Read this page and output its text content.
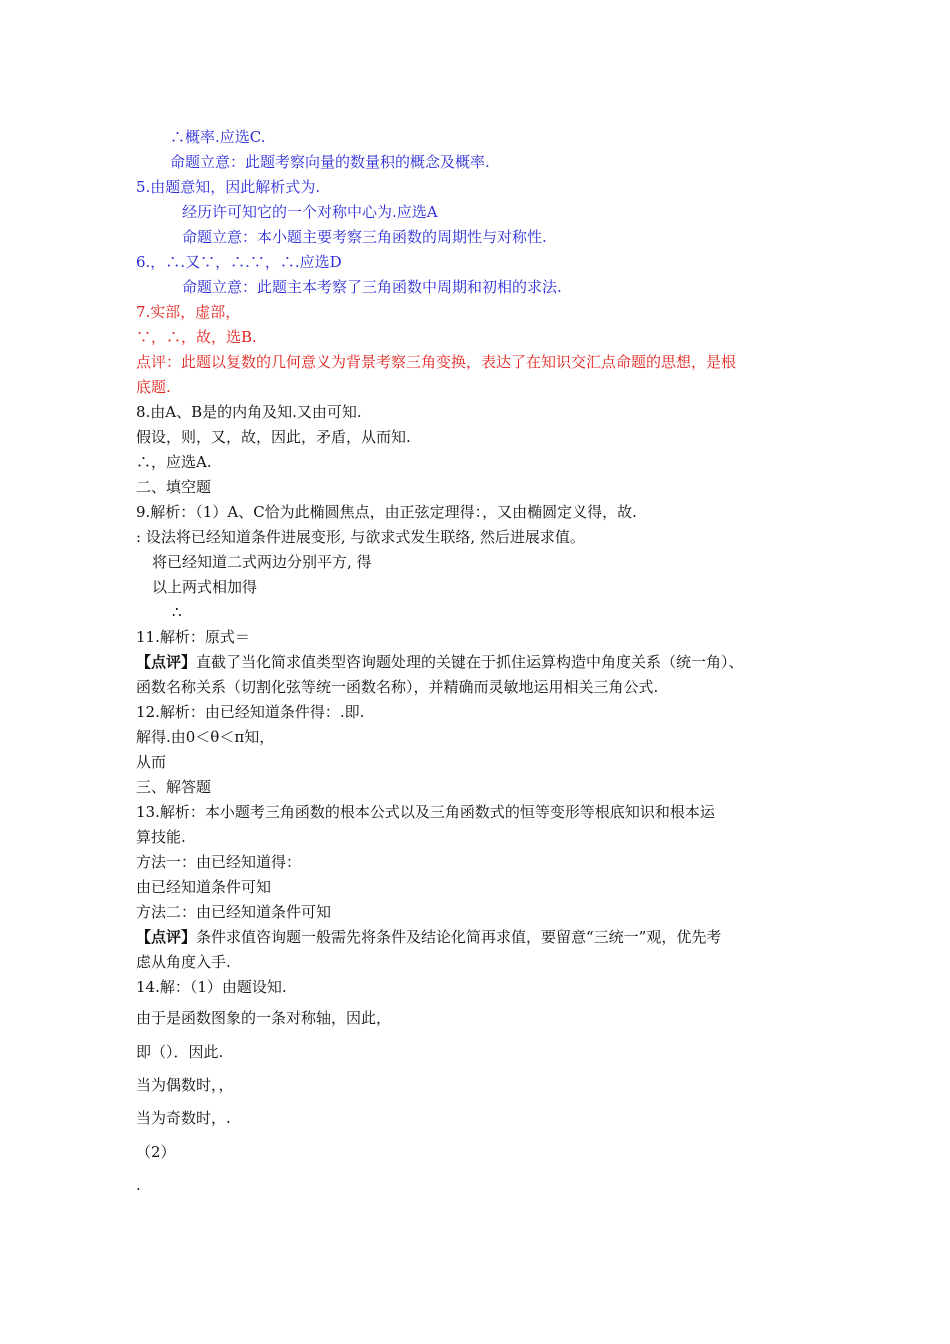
∴概率.应选C.
命题立意：此题考察向量的数量积的概念及概率.
5.由题意知，因此解析式为.
经历许可知它的一个对称中心为.应选A
命题立意：本小题主要考察三角函数的周期性与对称性.
6.，∴.又∵，∴.∵，∴.应选D
命题立意：此题主本考察了三角函数中周期和初相的求法.
7.实部，虚部，
∵，∴，故，选B.
点评：此题以复数的几何意义为背景考察三角变换，表达了在知识交汇点命题的思想，是根
底题.
8.由A、B是的内角及知.又由可知.
假设，则，又，故，因此，矛盾，从而知.
∴，应选A.
二、填空题
9.解析：（1）A、C恰为此椭圆焦点，由正弦定理得：，又由椭圆定义得，故.
: 设法将已经知道条件进展变形, 与欲求式发生联络, 然后进展求值。
将已经知道二式两边分别平方, 得
以上两式相加得
∴
11.解析：原式＝
【点评】直截了当化简求值类型咨询题处理的关键在于抓住运算构造中角度关系（统一角）、
函数名称关系（切割化弦等统一函数名称），并精确而灵敏地运用相关三角公式.
12.解析：由已经知道条件得：.即.
解得.由0＜θ＜π知，
从而
三、解答题
13.解析：本小题考三角函数的根本公式以及三角函数式的恒等变形等根底知识和根本运
算技能.
方法一：由已经知道得：
由已经知道条件可知
方法二：由已经知道条件可知
【点评】条件求值咨询题一般需先将条件及结论化简再求值，要留意“三统一”观，优先考
虑从角度入手.
14.解：（1）由题设知.
由于是函数图象的一条对称轴，因此，
即（）．因此.
当为偶数时，，
当为奇数时，.
（2）
.
